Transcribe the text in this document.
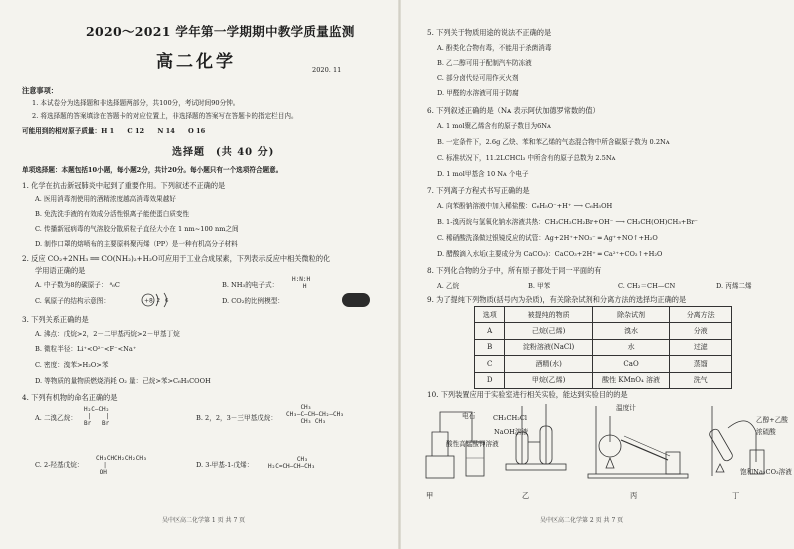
2020～2021 学年第一学期期中教学质量监测
高二化学	2020. 11
注意事项：
1. 本试卷分为选择题和非选择题两部分，共100分，考试时间90分钟。
2. 将选择题的答案填涂在答题卡的对应位置上，非选择题的答案写在答题卡的指定栏目内。
可能用到的相对原子质量：H 1　　C 12　　N 14　　O 16
选择题　(共 40 分)
单项选择题：本题包括10小题，每小题2分，共计20分。每小题只有一个选项符合题意。
1. 化学在抗击新冠肺炎中起到了重要作用。下列叙述不正确的是
A. 医用消毒剂使用的酒精浓度越高消毒效果越好
B. 免洗洗手液的有效成分活性银离子能使蛋白质变性
C. 传播新冠病毒的气溶胶分散质粒子直径大小在 1 nm~100 nm之间
D. 制作口罩的熔喷布的主要原料聚丙烯（PP）是一种有机高分子材料
2. 反应 CO₂+2NH₃ ══ CO(NH₂)₂+H₂O可应用于工业合成尿素，下列表示反应中相关微粒的化
学用语正确的是
A. 中子数为8的碳原子： ⁸₆C	B. NH₃的电子式：
H:N:H
H
C. 氧原子的结构示意图：	+8 2 6	D. CO₂的比例模型：
3. 下列关系正确的是
A. 沸点：戊烷>2，2－二甲基丙烷>2－甲基丁烷
B. 微粒半径：Li⁺<O²⁻<F⁻<Na⁺
C. 密度：溴苯>H₂O>苯
D. 等物质的量物质燃烧消耗 O₂ 量：己烷>苯>C₆H₅COOH
4. 下列有机物的命名正确的是
A. 二溴乙烷：
H₂C—CH₂
|    |
Br   Br
B. 2，2，3－三甲基戊烷：
CH₃
CH₃—C—CH—CH₂—CH₃
CH₃ CH₃
C. 2-羟基戊烷：
CH₃CHCH₂CH₂CH₃
|
OH
D. 3-甲基-1-戊烯：
CH₃
H₂C=CH—CH—CH₃
吴中区高二化学第 1 页 共 7 页
5. 下列关于物质用途的说法不正确的是
A. 酚类化合物有毒，不能用于杀菌消毒
B. 乙二醇可用于配制汽车防冻液
C. 部分卤代烃可用作灭火剂
D. 甲醛的水溶液可用于防腐
6. 下列叙述正确的是（Nᴀ 表示阿伏加德罗常数的值）
A. 1 mol聚乙烯含有的原子数目为6Nᴀ
B. 一定条件下，2.6g 乙炔、苯和苯乙烯的气态混合物中所含碳原子数为 0.2Nᴀ
C. 标准状况下，11.2LCHCl₃ 中所含有的原子总数为 2.5Nᴀ
D. 1 mol甲基含 10 Nᴀ 个电子
7. 下列离子方程式书写正确的是
A. 向苯酚钠溶液中加入稀盐酸：C₆H₅O⁻+H⁺ ⟶ C₆H₅OH
B. 1-溴丙烷与氢氧化钠水溶液共热：CH₃CH₂CH₂Br+OH⁻ ⟶ CH₃CH(OH)CH₃+Br⁻
C. 稀硝酸洗涤做过银镜反应的试管：Ag+2H⁺+NO₃⁻ ═ Ag⁺+NO↑+H₂O
D. 醋酸滴入水垢(主要成分为 CaCO₃)：CaCO₃+2H⁺ ═ Ca²⁺+CO₂↑+H₂O
8. 下列化合物的分子中，所有原子都处于同一平面的有
A. 乙烷	B. 甲苯	C. CH₂＝CH—CN	D. 丙烯二烯
9. 为了提纯下列物质(括号内为杂质)，有关除杂试剂和分离方法的选择均正确的是
选项	被提纯的物质	除杂试剂	分离方法
A	己烷(己烯)	溴水	分液
B	淀粉溶液(NaCl)	水	过滤
C	酒精(水)	CaO	蒸馏
D	甲烷(乙烯)	酸性 KMnO₄ 溶液	洗气
10. 下列装置应用于实验室进行相关实验，能达到实验目的的是
电石
酸性高锰酸钾溶液
CH₃CH₂Cl
NaOH溶液
温度计
乙醇+乙酸
浓硫酸
饱和Na₂CO₃溶液
甲	乙	丙	丁
吴中区高二化学第 2 页 共 7 页
